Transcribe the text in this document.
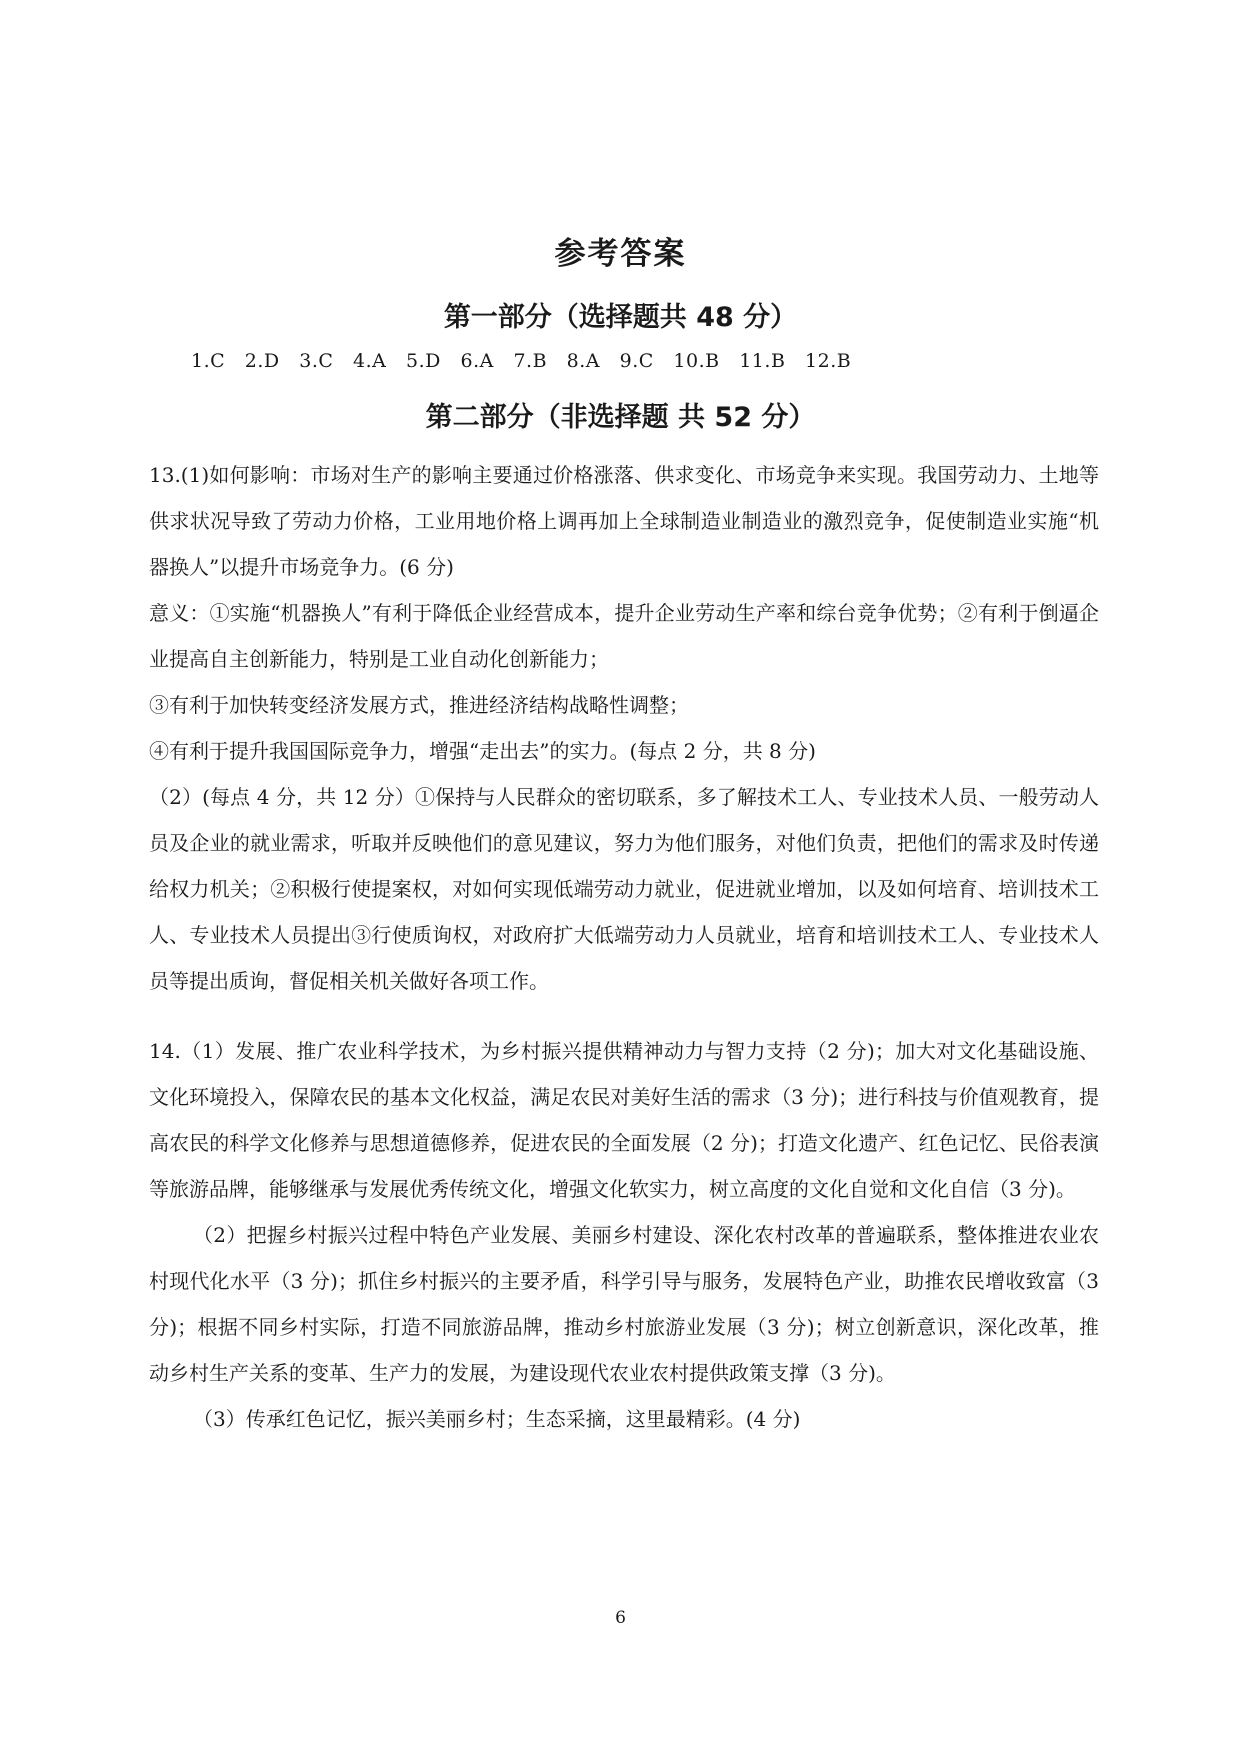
参考答案
第一部分（选择题共 48 分）
1.C   2.D   3.C   4.A   5.D   6.A   7.B   8.A   9.C   10.B   11.B   12.B
第二部分（非选择题 共 52 分）

13.(1)如何影响：市场对生产的影响主要通过价格涨落、供求变化、市场竞争来实现。我国劳动力、土地等供求状况导致了劳动力价格，工业用地价格上调再加上全球制造业制造业的激烈竞争，促使制造业实施“机器换人”以提升市场竞争力。(6 分)

意义：①实施“机器换人”有利于降低企业经营成本，提升企业劳动生产率和综台竞争优势；②有利于倒逼企业提高自主创新能力，特别是工业自动化创新能力；

③有利于加快转变经济发展方式，推进经济结构战略性调整；

④有利于提升我国国际竞争力，增强“走出去”的实力。(每点 2 分，共 8 分)

（2）(每点 4 分，共 12 分）①保持与人民群众的密切联系，多了解技术工人、专业技术人员、一般劳动人员及企业的就业需求，听取并反映他们的意见建议，努力为他们服务，对他们负责，把他们的需求及时传递给权力机关；②积极行使提案权，对如何实现低端劳动力就业，促进就业增加，以及如何培育、培训技术工人、专业技术人员提出③行使质询权，对政府扩大低端劳动力人员就业，培育和培训技术工人、专业技术人员等提出质询，督促相关机关做好各项工作。

14.（1）发展、推广农业科学技术，为乡村振兴提供精神动力与智力支持（2 分)；加大对文化基础设施、文化环境投入，保障农民的基本文化权益，满足农民对美好生活的需求（3 分)；进行科技与价值观教育，提高农民的科学文化修养与思想道德修养，促进农民的全面发展（2 分)；打造文化遗产、红色记忆、民俗表演等旅游品牌，能够继承与发展优秀传统文化，增强文化软实力，树立高度的文化自觉和文化自信（3 分)。

（2）把握乡村振兴过程中特色产业发展、美丽乡村建设、深化农村改革的普遍联系，整体推进农业农村现代化水平（3 分)；抓住乡村振兴的主要矛盾，科学引导与服务，发展特色产业，助推农民增收致富（3 分)；根据不同乡村实际，打造不同旅游品牌，推动乡村旅游业发展（3 分)；树立创新意识，深化改革，推动乡村生产关系的变革、生产力的发展，为建设现代农业农村提供政策支撑（3 分)。

（3）传承红色记忆，振兴美丽乡村；生态采摘，这里最精彩。(4 分)

6
